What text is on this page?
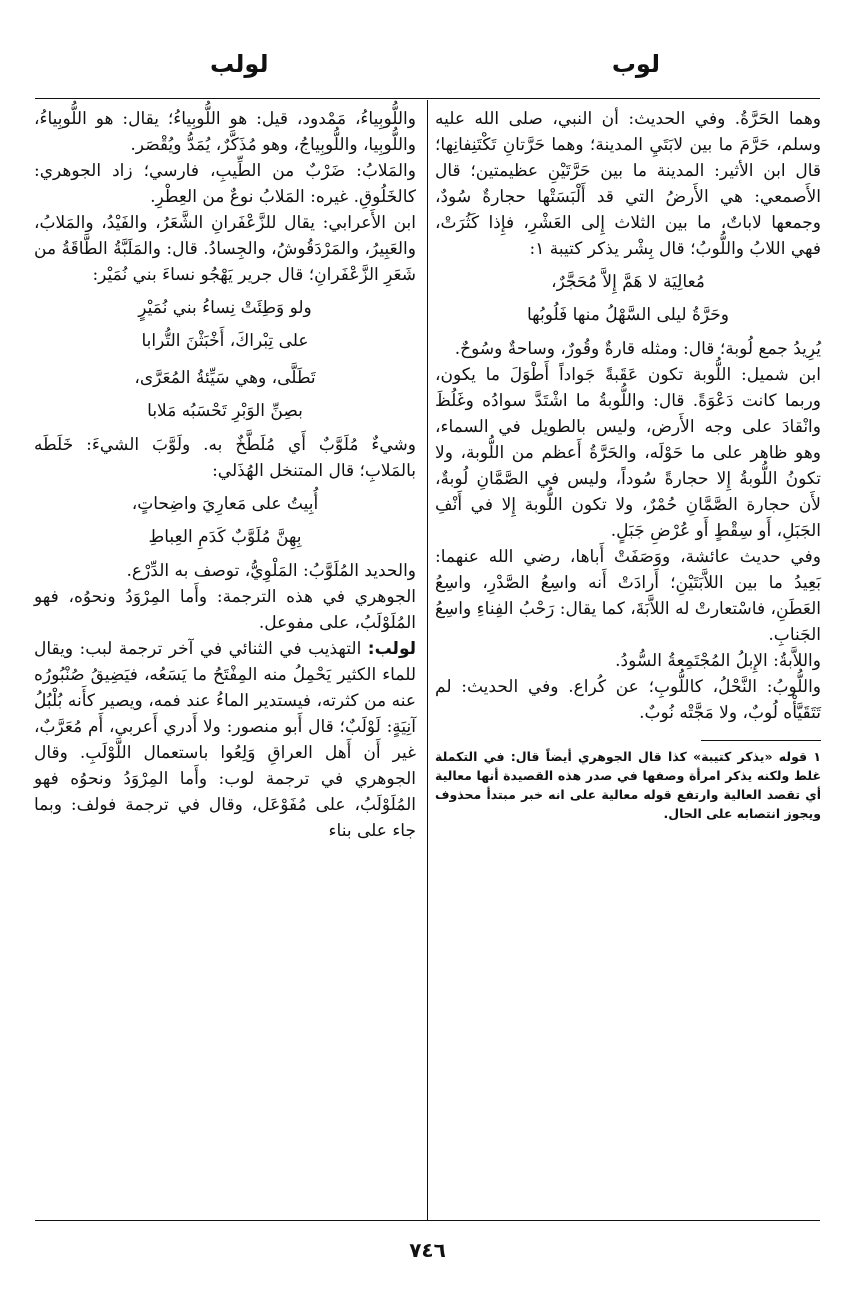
لوب
لولب

وهما الحَرَّةُ. وفي الحديث: أن النبي، صلى الله عليه وسلم، حَرَّمَ ما بين لابَتَيِ المدينة؛ وهما حَرَّتانِ تَكْتَنِفانِها؛ قال ابن الأثير: المدينة ما بين حَرَّتَيْنِ عظيمتين؛ قال الأَصمعي: هي الأَرضُ التي قد أَلْبَسَتْها حجارةٌ سُودٌ، وجمعها لاباتٌ، ما بين الثلاث إِلى العَشْرِ، فإِذا كَثُرَتْ، فهي اللابُ واللُّوبُ؛ قال بِشْر يذكر كتيبة ١:

مُعالِيَة لا هَمَّ إِلاَّ مُحَجَّرٌ،
وحَرَّةُ ليلى السَّهْلُ منها فَلُوبُها

يُرِيدُ جمع لُوبة؛ قال: ومثله قارةٌ وقُورٌ، وساحةٌ وسُوحٌ.

ابن شميل: اللُّوبة تكون عَقَبةً جَواداً أَطْوَلَ ما يكون، وربما كانت دَعْوَةً. قال: واللُّوبةُ ما اشْتَدَّ سوادُه وغَلُظَ وانْقادَ على وجه الأَرض، وليس بالطويل في السماء، وهو ظاهر على ما حَوْلَه، والحَرَّةُ أَعظم من اللُّوبة، ولا تكونُ اللُّوبةُ إِلا حجارةً سُوداً، وليس في الصَّمَّانِ لُوبةٌ، لأَن حجارة الصَّمَّانِ حُمْرٌ، ولا تكون اللُّوبة إِلا في أَنْفِ الجَبَلِ، أَو سِقْطٍ أَو عُرْضِ جَبَلٍ.

وفي حديث عائشة، ووَصَفَتْ أَباها، رضي الله عنهما: بَعِيدُ ما بين اللاَّبَتَيْنِ؛ أَرادَتْ أَنه واسِعُ الصَّدْرِ، واسِعُ العَطَنِ، فاسْتعارتْ له اللاَّبَةَ، كما يقال: رَحْبُ الفِناءِ واسِعُ الجَنابِ.

واللاَّبةُ: الإِبلُ المُجْتَمِعةُ السُّودُ.

واللُّوبُ: النَّحْلُ، كاللُّوبِ؛ عن كُراع. وفي الحديث: لم تَتَقَيَّأْه لُوبٌ، ولا مَجَّتْه نُوبٌ.

١ قوله «يذكر كتيبة» كذا قال الجوهري أيضاً قال: في التكملة غلط ولكنه يذكر امرأة وصفها في صدر هذه القصيدة أنها معالية أي تقصد العالية وارتفع قوله معالية على انه خبر مبتدأ محذوف ويجوز انتصابه على الحال.

واللُّوبِياءُ، مَمْدود، قيل: هو اللُّوبِياءُ؛ يقال: هو اللُّوبِياءُ، واللُّوبِيا، واللُّوبِياجُ، وهو مُذَكَّرٌ، يُمَدُّ ويُقْصَر.

والمَلابُ: ضَرْبٌ من الطِّيبِ، فارسي؛ زاد الجوهري: كالخَلُوقِ. غيره: المَلابُ نوعٌ من العِطْرِ.

ابن الأَعرابي: يقال للزَّعْفَرانِ الشَّعَرُ، والفَيْدُ، والمَلابُ، والعَبِيرُ، والمَرْدَقُوشُ، والجِسادُ. قال: والمَلَبَّةُ الطَّاقَةُ من شَعَرِ الزَّعْفَرانِ؛ قال جرير يَهْجُو نساءَ بني نُمَيْر:

ولو وَطِئَتْ نِساءُ بني نُمَيْرٍ
على تِبْراكَ، أَخْبَثْنَ التُّرابا
تَطَلَّى، وهي سَيِّئةُ المُعَرَّى،
بصِنِّ الوَبْرِ تَحْسَبُه مَلابا

وشيءٌ مُلَوَّبٌ أَي مُلَطَّخٌ به. ولَوَّبَ الشيءَ: خَلَطَه بالمَلابِ؛ قال المتنخل الهُذَلي:

أُبِيتُ على مَعارِيَ واضِحاتٍ،
بِهِنَّ مُلَوَّبٌ كَدَمِ العِباطِ

والحديد المُلَوَّبُ: المَلْوِيُّ، توصف به الدِّرْع.

الجوهري في هذه الترجمة: وأَما المِرْوَدُ ونحوُه، فهو المُلَوْلَبُ، على مفوعل.

لولب: التهذيب في الثنائي في آخر ترجمة لبب: ويقال للماء الكثير يَحْمِلُ منه المِفْتَحُ ما يَسَعُه، فيَضِيقُ صُنْبُورُه عنه من كثرته، فيستدير الماءُ عند فمه، ويصير كأَنه بُلْبُلُ آنِيَةٍ: لَوْلَبٌ؛ قال أَبو منصور: ولا أَدري أَعربي، أَم مُعَرَّبٌ، غير أَن أَهل العراقِ وَلِعُوا باستعمال اللَّوْلَبِ. وقال الجوهري في ترجمة لوب: وأَما المِرْوَدُ ونحوُه فهو المُلَوْلَبُ، على مُفَوْعَل، وقال في ترجمة فولف: وبما جاء على بناء

٧٤٦
